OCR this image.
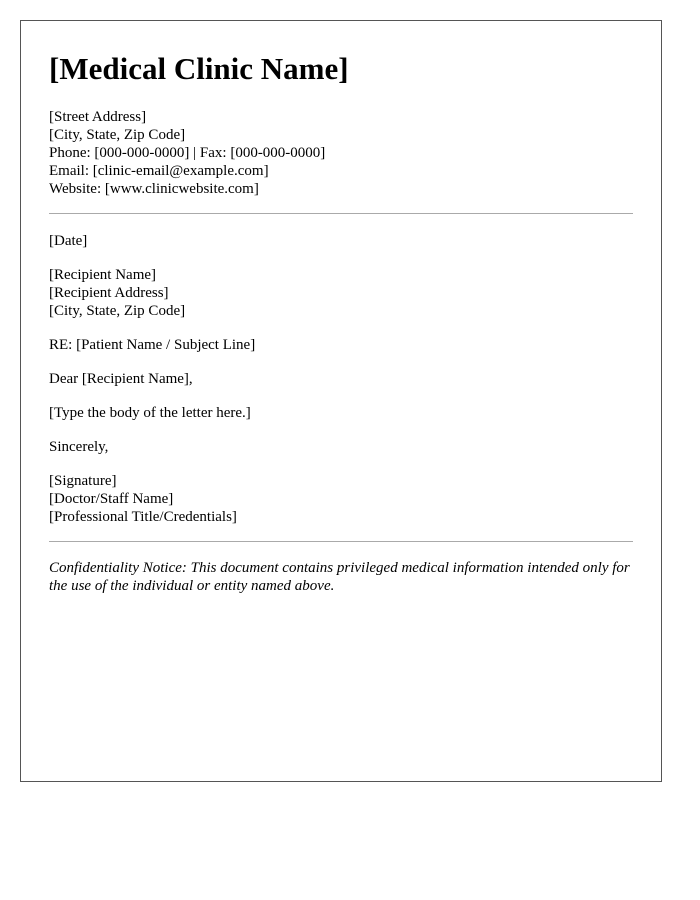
[Medical Clinic Name]
[Street Address]
[City, State, Zip Code]
Phone: [000-000-0000] | Fax: [000-000-0000]
Email: [clinic-email@example.com]
Website: [www.clinicwebsite.com]
[Date]
[Recipient Name]
[Recipient Address]
[City, State, Zip Code]
RE: [Patient Name / Subject Line]
Dear [Recipient Name],
[Type the body of the letter here.]
Sincerely,
[Signature]
[Doctor/Staff Name]
[Professional Title/Credentials]
Confidentiality Notice: This document contains privileged medical information intended only for the use of the individual or entity named above.
